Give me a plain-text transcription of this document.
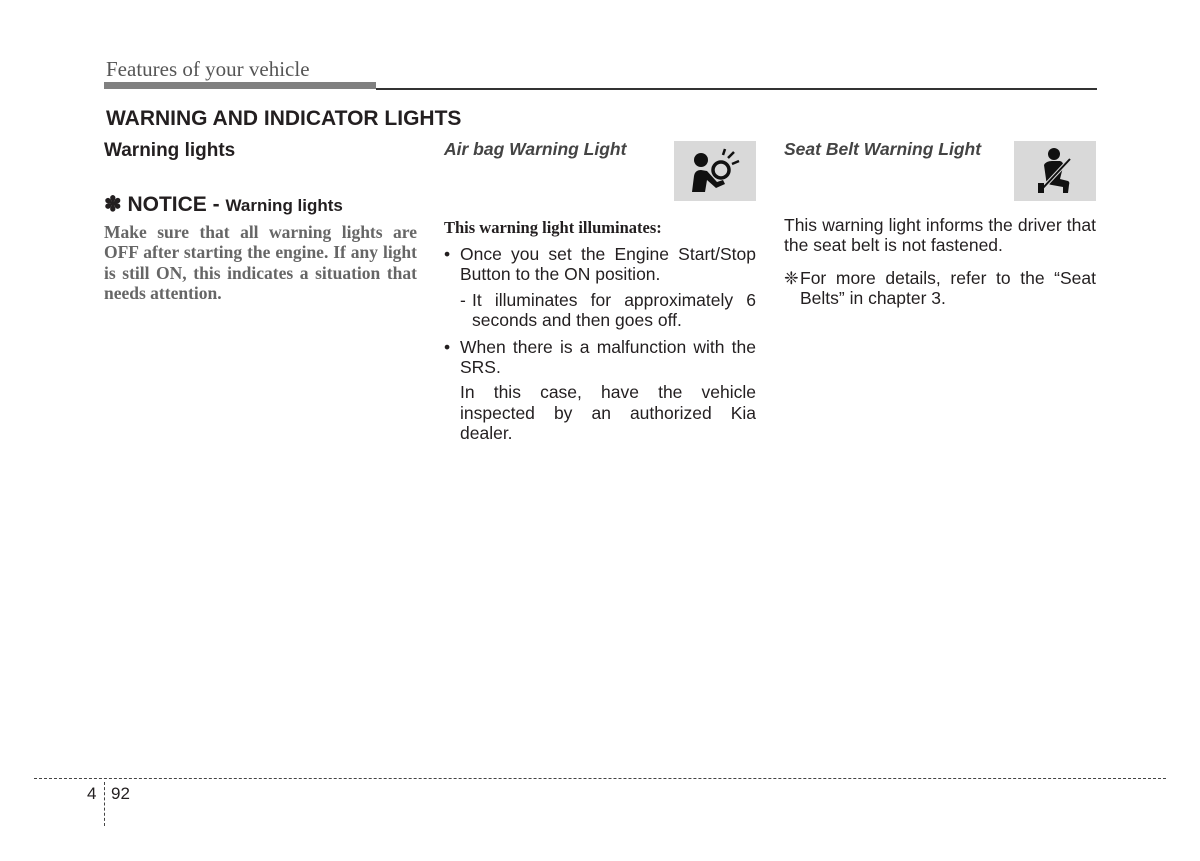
Features of your vehicle
WARNING AND INDICATOR LIGHTS
Warning lights
✽ NOTICE - Warning lights
Make sure that all warning lights are OFF after starting the engine. If any light is still ON, this indicates a situation that needs attention.
Air bag Warning Light
This warning light illuminates:
• Once you set the Engine Start/Stop Button to the ON position.
- It illuminates for approximately 6 seconds and then goes off.
• When there is a malfunction with the SRS.
In this case, have the vehicle inspected by an authorized Kia dealer.
Seat Belt Warning Light
This warning light informs the driver that the seat belt is not fastened.
❈ For more details, refer to the “Seat Belts” in chapter 3.
4 92
